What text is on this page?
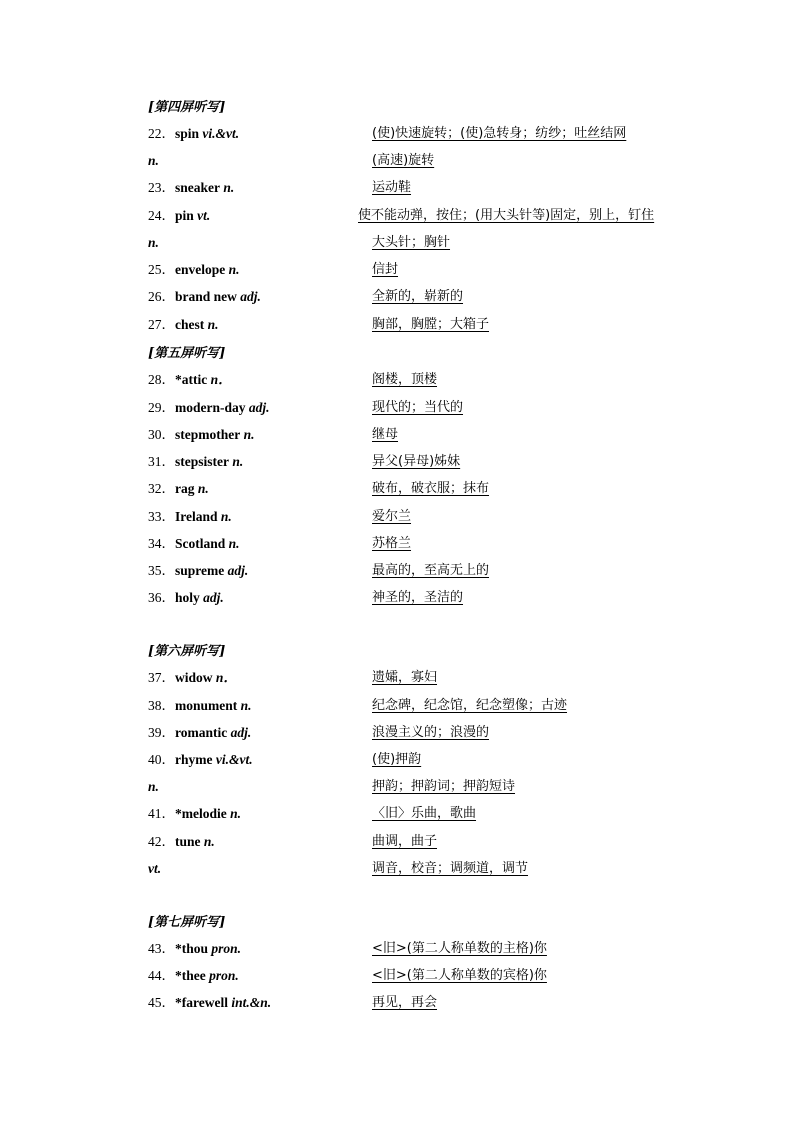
[第四屏听写]
22．spin vi.&vt.	(使)快速旋转；(使)急转身；纺纱；吐丝结网
n.	(高速)旋转
23．sneaker n.	运动鞋
24．pin vt.	使不能动弹，按住；(用大头针等)固定，别上，钉住
n.	大头针；胸针
25．envelope n.	信封
26．brand new adj.	全新的，崭新的
27．chest n.	胸部，胸膛；大箱子
[第五屏听写]
28．*attic n．	阁楼，顶楼
29．modern-day adj.	现代的；当代的
30．stepmother n.	继母
31．stepsister n.	异父(异母)姊妹
32．rag n.	破布，破衣服；抹布
33．Ireland n.	爱尔兰
34．Scotland n.	苏格兰
35．supreme adj.	最高的，至高无上的
36．holy adj.	神圣的，圣洁的
[第六屏听写]
37．widow n．	遗孀，寡妇
38．monument n.	纪念碑，纪念馆，纪念塑像；古迹
39．romantic adj.	浪漫主义的；浪漫的
40．rhyme vi.&vt.	(使)押韵
n.	押韵；押韵词；押韵短诗
41．*melodie n.	〈旧〉乐曲，歌曲
42．tune n.	曲调，曲子
vt.	调音，校音；调频道，调节
[第七屏听写]
43．*thou pron.	<旧>(第二人称单数的主格)你
44．*thee pron.	<旧>(第二人称单数的宾格)你
45．*farewell int.&n.	再见，再会
